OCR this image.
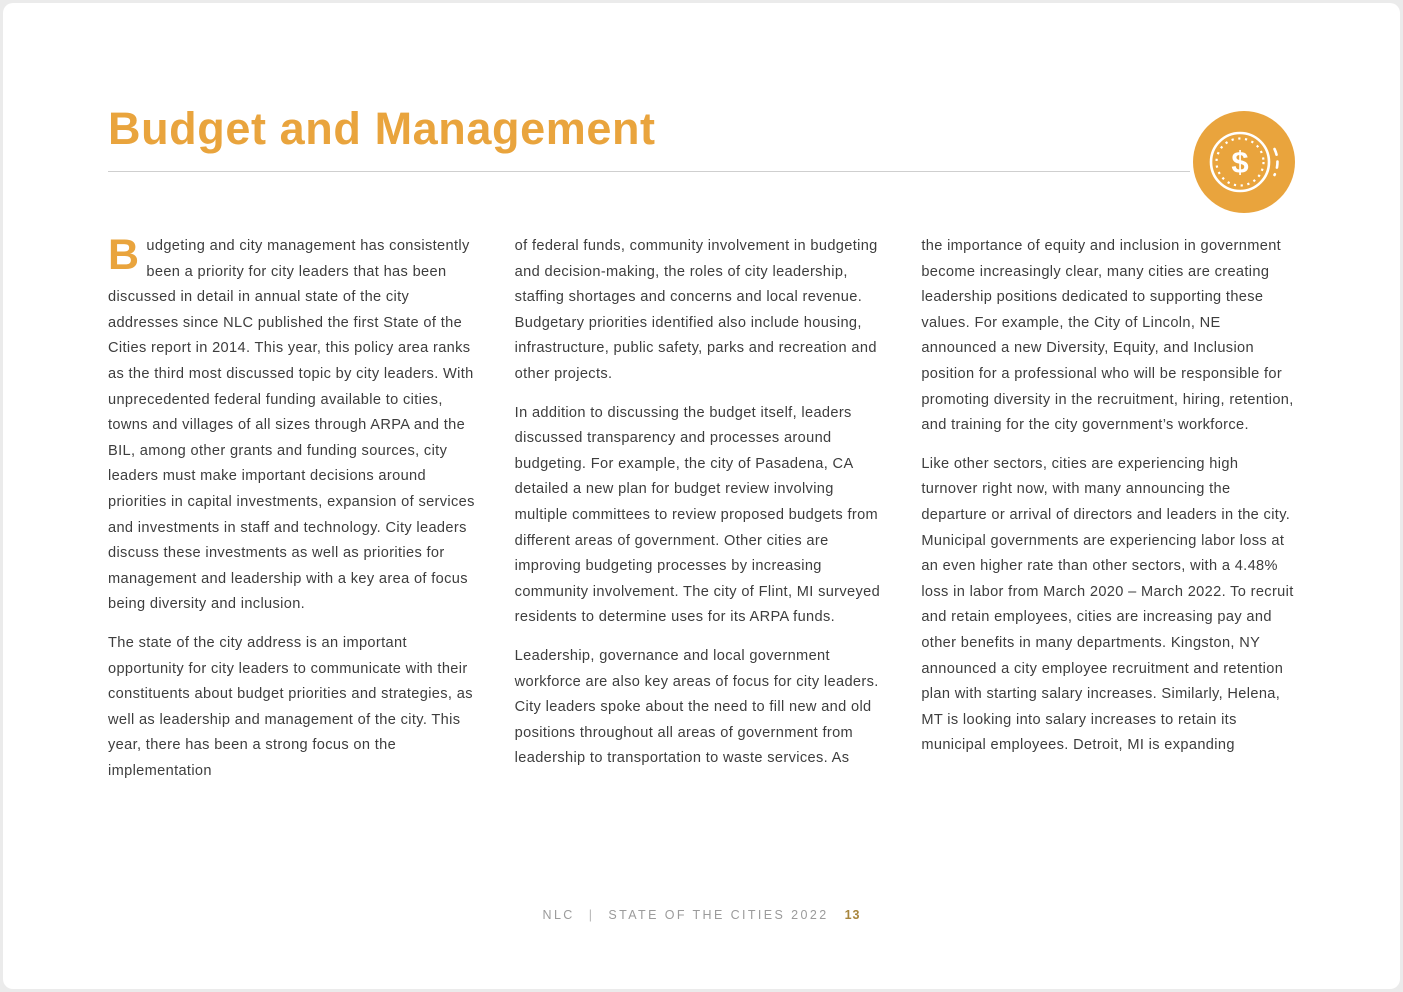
Budget and Management
$

Budgeting and city management has consistently been a priority for city leaders that has been discussed in detail in annual state of the city addresses since NLC published the first State of the Cities report in 2014. This year, this policy area ranks as the third most discussed topic by city leaders. With unprecedented federal funding available to cities, towns and villages of all sizes through ARPA and the BIL, among other grants and funding sources, city leaders must make important decisions around priorities in capital investments, expansion of services and investments in staff and technology. City leaders discuss these investments as well as priorities for management and leadership with a key area of focus being diversity and inclusion.

The state of the city address is an important opportunity for city leaders to communicate with their constituents about budget priorities and strategies, as well as leadership and management of the city. This year, there has been a strong focus on the implementation

of federal funds, community involvement in budgeting and decision-making, the roles of city leadership, staffing shortages and concerns and local revenue. Budgetary priorities identified also include housing, infrastructure, public safety, parks and recreation and other projects.

In addition to discussing the budget itself, leaders discussed transparency and processes around budgeting. For example, the city of Pasadena, CA detailed a new plan for budget review involving multiple committees to review proposed budgets from different areas of government. Other cities are improving budgeting processes by increasing community involvement. The city of Flint, MI surveyed residents to determine uses for its ARPA funds.

Leadership, governance and local government workforce are also key areas of focus for city leaders. City leaders spoke about the need to fill new and old positions throughout all areas of government from leadership to transportation to waste services. As

the importance of equity and inclusion in government become increasingly clear, many cities are creating leadership positions dedicated to supporting these values. For example, the City of Lincoln, NE announced a new Diversity, Equity, and Inclusion position for a professional who will be responsible for promoting diversity in the recruitment, hiring, retention, and training for the city government’s workforce.

Like other sectors, cities are experiencing high turnover right now, with many announcing the departure or arrival of directors and leaders in the city. Municipal governments are experiencing labor loss at an even higher rate than other sectors, with a 4.48% loss in labor from March 2020 – March 2022. To recruit and retain employees, cities are increasing pay and other benefits in many departments. Kingston, NY announced a city employee recruitment and retention plan with starting salary increases. Similarly, Helena, MT is looking into salary increases to retain its municipal employees. Detroit, MI is expanding

NLC | STATE OF THE CITIES 2022 13
